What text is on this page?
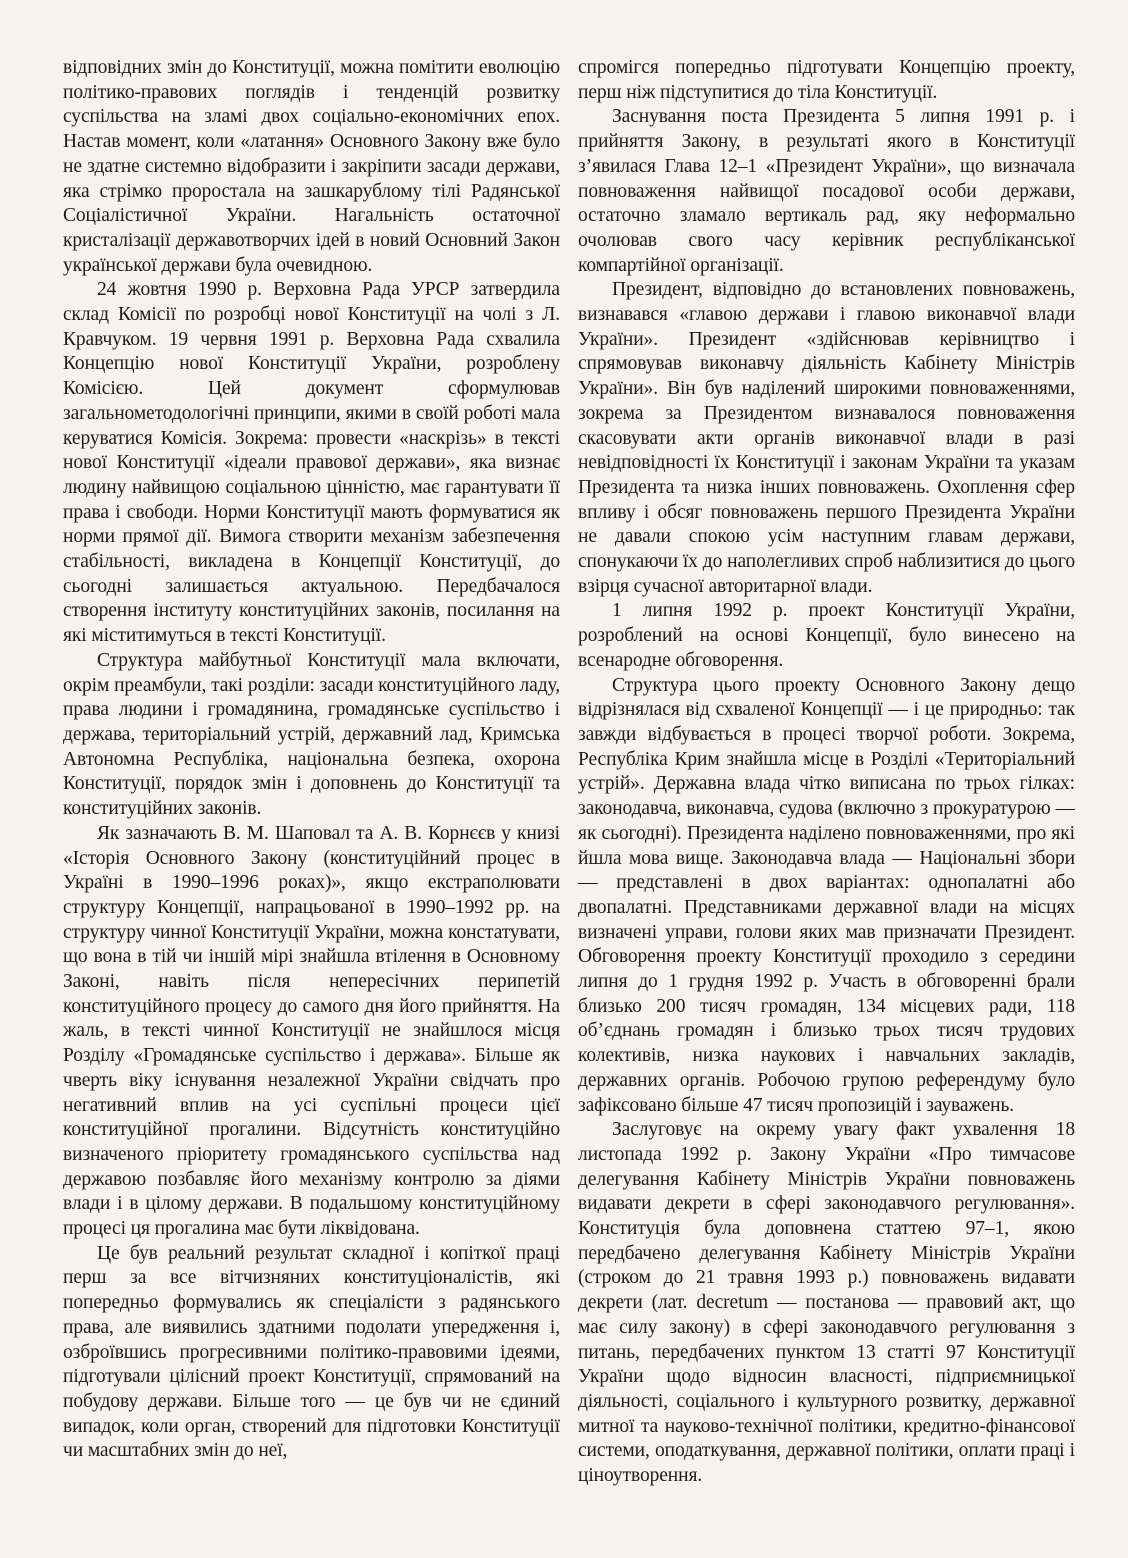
відповідних змін до Конституції, можна помітити еволюцію політико-правових поглядів і тенденцій розвитку суспільства на зламі двох соціально-економічних епох. Настав момент, коли «латання» Основного Закону вже було не здатне системно відобразити і закріпити засади держави, яка стрімко проростала на зашкарублому тілі Радянської Соціалістичної України. Нагальність остаточної кристалізації державотворчих ідей в новий Основний Закон української держави була очевидною.

24 жовтня 1990 р. Верховна Рада УРСР затвердила склад Комісії по розробці нової Конституції на чолі з Л. Кравчуком. 19 червня 1991 р. Верховна Рада схвалила Концепцію нової Конституції України, розроблену Комісією. Цей документ сформулював загальнометодологічні принципи, якими в своїй роботі мала керуватися Комісія. Зокрема: провести «наскрізь» в тексті нової Конституції «ідеали правової держави», яка визнає людину найвищою соціальною цінністю, має гарантувати її права і свободи. Норми Конституції мають формуватися як норми прямої дії. Вимога створити механізм забезпечення стабільності, викладена в Концепції Конституції, до сьогодні залишається актуальною. Передбачалося створення інституту конституційних законів, посилання на які міститимуться в тексті Конституції.

Структура майбутньої Конституції мала включати, окрім преамбули, такі розділи: засади конституційного ладу, права людини і громадянина, громадянське суспільство і держава, територіальний устрій, державний лад, Кримська Автономна Республіка, національна безпека, охорона Конституції, порядок змін і доповнень до Конституції та конституційних законів.

Як зазначають В. М. Шаповал та А. В. Корнєєв у книзі «Історія Основного Закону (конституційний процес в Україні в 1990–1996 роках)», якщо екстраполювати структуру Концепції, напрацьованої в 1990–1992 рр. на структуру чинної Конституції України, можна констатувати, що вона в тій чи іншій мірі знайшла втілення в Основному Законі, навіть після непересічних перипетій конституційного процесу до самого дня його прийняття. На жаль, в тексті чинної Конституції не знайшлося місця Розділу «Громадянське суспільство і держава». Більше як чверть віку існування незалежної України свідчать про негативний вплив на усі суспільні процеси цієї конституційної прогалини. Відсутність конституційно визначеного пріоритету громадянського суспільства над державою позбавляє його механізму контролю за діями влади і в цілому держави. В подальшому конституційному процесі ця прогалина має бути ліквідована.

Це був реальний результат складної і копіткої праці перш за все вітчизняних конституціоналістів, які попередньо формувались як спеціалісти з радянського права, але виявились здатними подолати упередження і, озброївшись прогресивними політико-правовими ідеями, підготували цілісний проект Конституції, спрямований на побудову держави. Більше того — це був чи не єдиний випадок, коли орган, створений для підготовки Конституції чи масштабних змін до неї,

спромігся попередньо підготувати Концепцію проекту, перш ніж підступитися до тіла Конституції.

Заснування поста Президента 5 липня 1991 р. і прийняття Закону, в результаті якого в Конституції з’явилася Глава 12–1 «Президент України», що визначала повноваження найвищої посадової особи держави, остаточно зламало вертикаль рад, яку неформально очолював свого часу керівник республіканської компартійної організації.

Президент, відповідно до встановлених повноважень, визнавався «главою держави і главою виконавчої влади України». Президент «здійснював керівництво і спрямовував виконавчу діяльність Кабінету Міністрів України». Він був наділений широкими повноваженнями, зокрема за Президентом визнавалося повноваження скасовувати акти органів виконавчої влади в разі невідповідності їх Конституції і законам України та указам Президента та низка інших повноважень. Охоплення сфер впливу і обсяг повноважень першого Президента України не давали спокою усім наступним главам держави, спонукаючи їх до наполегливих спроб наблизитися до цього взірця сучасної авторитарної влади.

1 липня 1992 р. проект Конституції України, розроблений на основі Концепції, було винесено на всенародне обговорення.

Структура цього проекту Основного Закону дещо відрізнялася від схваленої Концепції — і це природньо: так завжди відбувається в процесі творчої роботи. Зокрема, Республіка Крим знайшла місце в Розділі «Територіальний устрій». Державна влада чітко виписана по трьох гілках: законодавча, виконавча, судова (включно з прокуратурою — як сьогодні). Президента наділено повноваженнями, про які йшла мова вище. Законодавча влада — Національні збори — представлені в двох варіантах: однопалатні або двопалатні. Представниками державної влади на місцях визначені управи, голови яких мав призначати Президент. Обговорення проекту Конституції проходило з середини липня до 1 грудня 1992 р. Участь в обговоренні брали близько 200 тисяч громадян, 134 місцевих ради, 118 об’єднань громадян і близько трьох тисяч трудових колективів, низка наукових і навчальних закладів, державних органів. Робочою групою референдуму було зафіксовано більше 47 тисяч пропозицій і зауважень.

Заслуговує на окрему увагу факт ухвалення 18 листопада 1992 р. Закону України «Про тимчасове делегування Кабінету Міністрів України повноважень видавати декрети в сфері законодавчого регулювання». Конституція була доповнена статтею 97–1, якою передбачено делегування Кабінету Міністрів України (строком до 21 травня 1993 р.) повноважень видавати декрети (лат. decretum — постанова — правовий акт, що має силу закону) в сфері законодавчого регулювання з питань, передбачених пунктом 13 статті 97 Конституції України щодо відносин власності, підприємницької діяльності, соціального і культурного розвитку, державної митної та науково-технічної політики, кредитно-фінансової системи, оподаткування, державної політики, оплати праці і ціноутворення.
